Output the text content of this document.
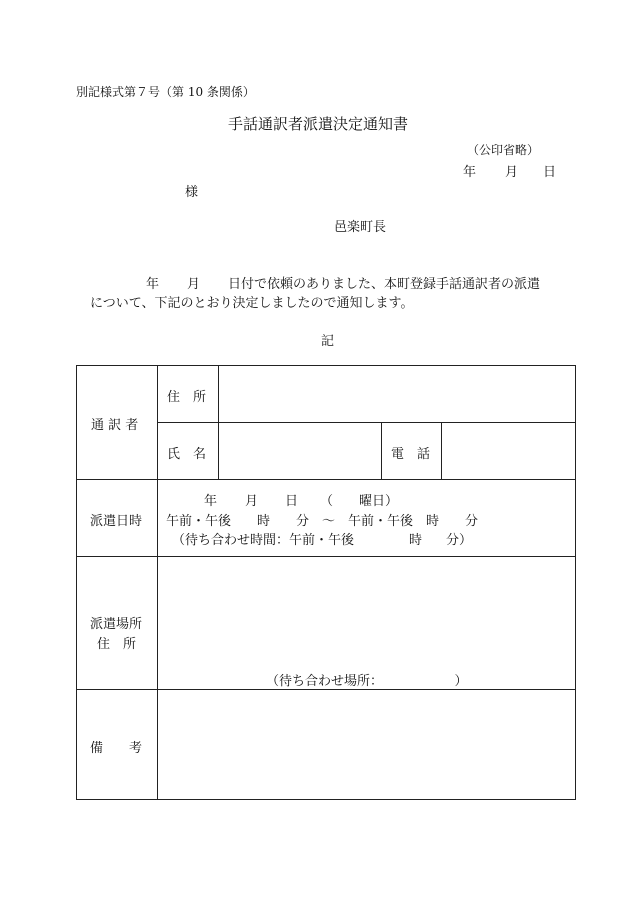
別記様式第７号（第 10 条関係）
手話通訳者派遣決定通知書
（公印省略）
年 月 日
様
邑楽町長
年 月 日付で依頼のありました、本町登録手話通訳者の派遣
について、下記のとおり決定しましたので通知します。
記
通 訳 者
住　所
氏　名	電　話
派遣日時
年 月 日 （　　曜日）
午前・午後　　時　　分　～　午前・午後　時　　分
（待ち合わせ時間：午前・午後	時 分）
派遣場所
住　所
（待ち合わせ場所：　　　　　　）
備　　考
